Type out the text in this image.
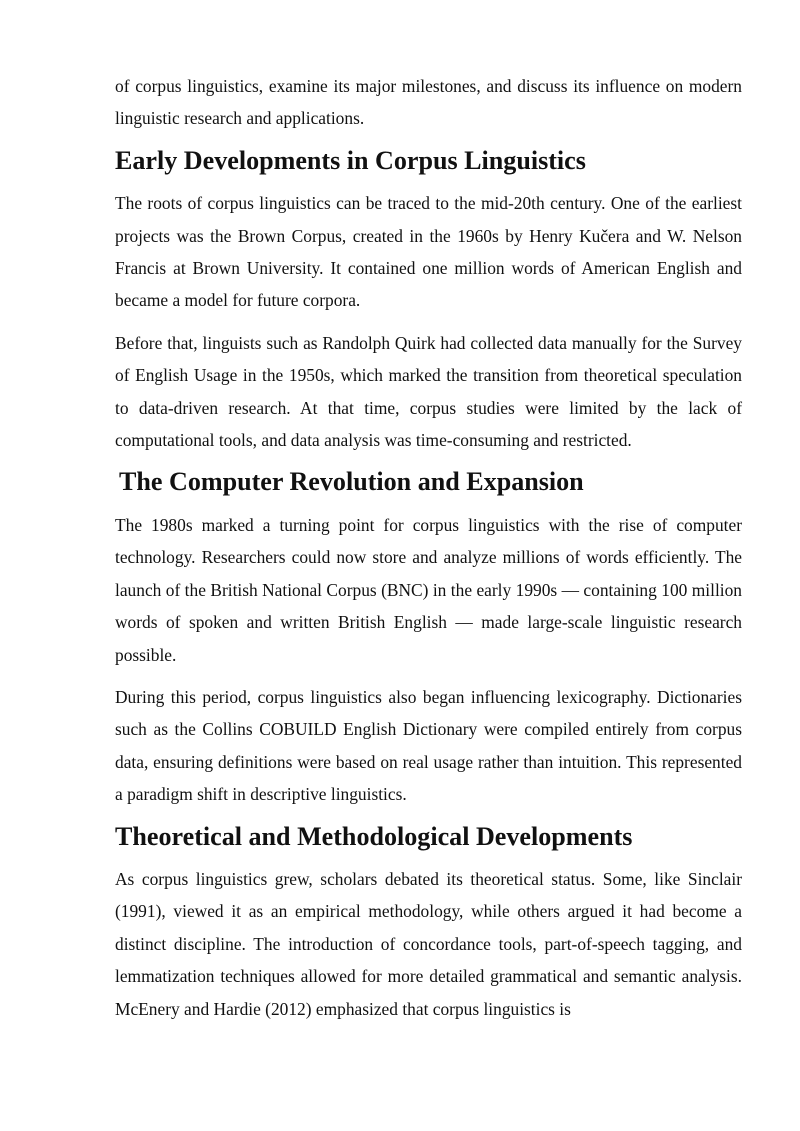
of corpus linguistics, examine its major milestones, and discuss its influence on modern linguistic research and applications.

Early Developments in Corpus Linguistics

The roots of corpus linguistics can be traced to the mid-20th century. One of the earliest projects was the Brown Corpus, created in the 1960s by Henry Kučera and W. Nelson Francis at Brown University. It contained one million words of American English and became a model for future corpora.

Before that, linguists such as Randolph Quirk had collected data manually for the Survey of English Usage in the 1950s, which marked the transition from theoretical speculation to data-driven research. At that time, corpus studies were limited by the lack of computational tools, and data analysis was time-consuming and restricted.

The Computer Revolution and Expansion

The 1980s marked a turning point for corpus linguistics with the rise of computer technology. Researchers could now store and analyze millions of words efficiently. The launch of the British National Corpus (BNC) in the early 1990s — containing 100 million words of spoken and written British English — made large-scale linguistic research possible.

During this period, corpus linguistics also began influencing lexicography. Dictionaries such as the Collins COBUILD English Dictionary were compiled entirely from corpus data, ensuring definitions were based on real usage rather than intuition. This represented a paradigm shift in descriptive linguistics.

Theoretical and Methodological Developments

As corpus linguistics grew, scholars debated its theoretical status. Some, like Sinclair (1991), viewed it as an empirical methodology, while others argued it had become a distinct discipline. The introduction of concordance tools, part-of-speech tagging, and lemmatization techniques allowed for more detailed grammatical and semantic analysis. McEnery and Hardie (2012) emphasized that corpus linguistics is
